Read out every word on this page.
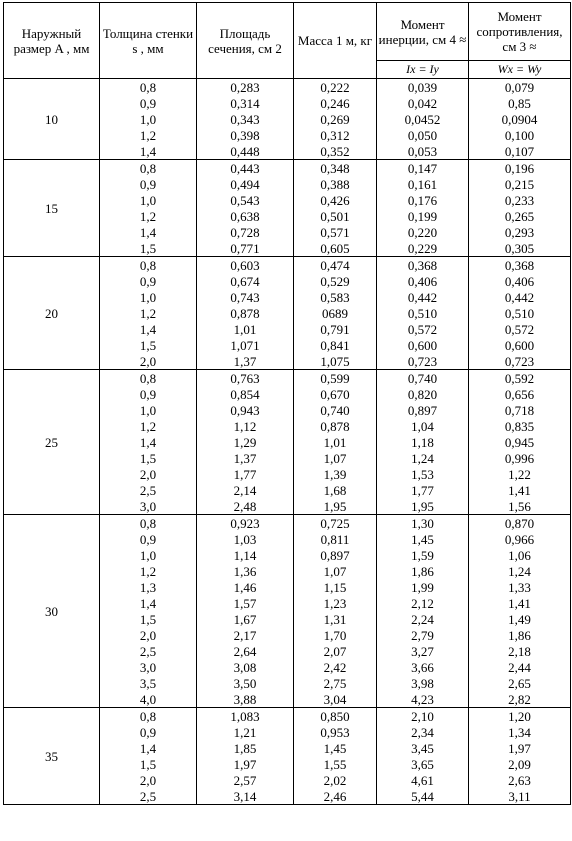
Наружный размер A , мм	Толщина стенки s , мм	Площадь сечения, см 2	Масса 1 м, кг	Момент инерции, см 4 ≈	Момент сопротивления, см 3 ≈
				Ix = Iy	Wx = Wy
10	0,8	0,283	0,222	0,039	0,079
	0,9	0,314	0,246	0,042	0,85
	1,0	0,343	0,269	0,0452	0,0904
	1,2	0,398	0,312	0,050	0,100
	1,4	0,448	0,352	0,053	0,107
15	0,8	0,443	0,348	0,147	0,196
	0,9	0,494	0,388	0,161	0,215
	1,0	0,543	0,426	0,176	0,233
	1,2	0,638	0,501	0,199	0,265
	1,4	0,728	0,571	0,220	0,293
	1,5	0,771	0,605	0,229	0,305
20	0,8	0,603	0,474	0,368	0,368
	0,9	0,674	0,529	0,406	0,406
	1,0	0,743	0,583	0,442	0,442
	1,2	0,878	0689	0,510	0,510
	1,4	1,01	0,791	0,572	0,572
	1,5	1,071	0,841	0,600	0,600
	2,0	1,37	1,075	0,723	0,723
25	0,8	0,763	0,599	0,740	0,592
	0,9	0,854	0,670	0,820	0,656
	1,0	0,943	0,740	0,897	0,718
	1,2	1,12	0,878	1,04	0,835
	1,4	1,29	1,01	1,18	0,945
	1,5	1,37	1,07	1,24	0,996
	2,0	1,77	1,39	1,53	1,22
	2,5	2,14	1,68	1,77	1,41
	3,0	2,48	1,95	1,95	1,56
30	0,8	0,923	0,725	1,30	0,870
	0,9	1,03	0,811	1,45	0,966
	1,0	1,14	0,897	1,59	1,06
	1,2	1,36	1,07	1,86	1,24
	1,3	1,46	1,15	1,99	1,33
	1,4	1,57	1,23	2,12	1,41
	1,5	1,67	1,31	2,24	1,49
	2,0	2,17	1,70	2,79	1,86
	2,5	2,64	2,07	3,27	2,18
	3,0	3,08	2,42	3,66	2,44
	3,5	3,50	2,75	3,98	2,65
	4,0	3,88	3,04	4,23	2,82
35	0,8	1,083	0,850	2,10	1,20
	0,9	1,21	0,953	2,34	1,34
	1,4	1,85	1,45	3,45	1,97
	1,5	1,97	1,55	3,65	2,09
	2,0	2,57	2,02	4,61	2,63
	2,5	3,14	2,46	5,44	3,11
